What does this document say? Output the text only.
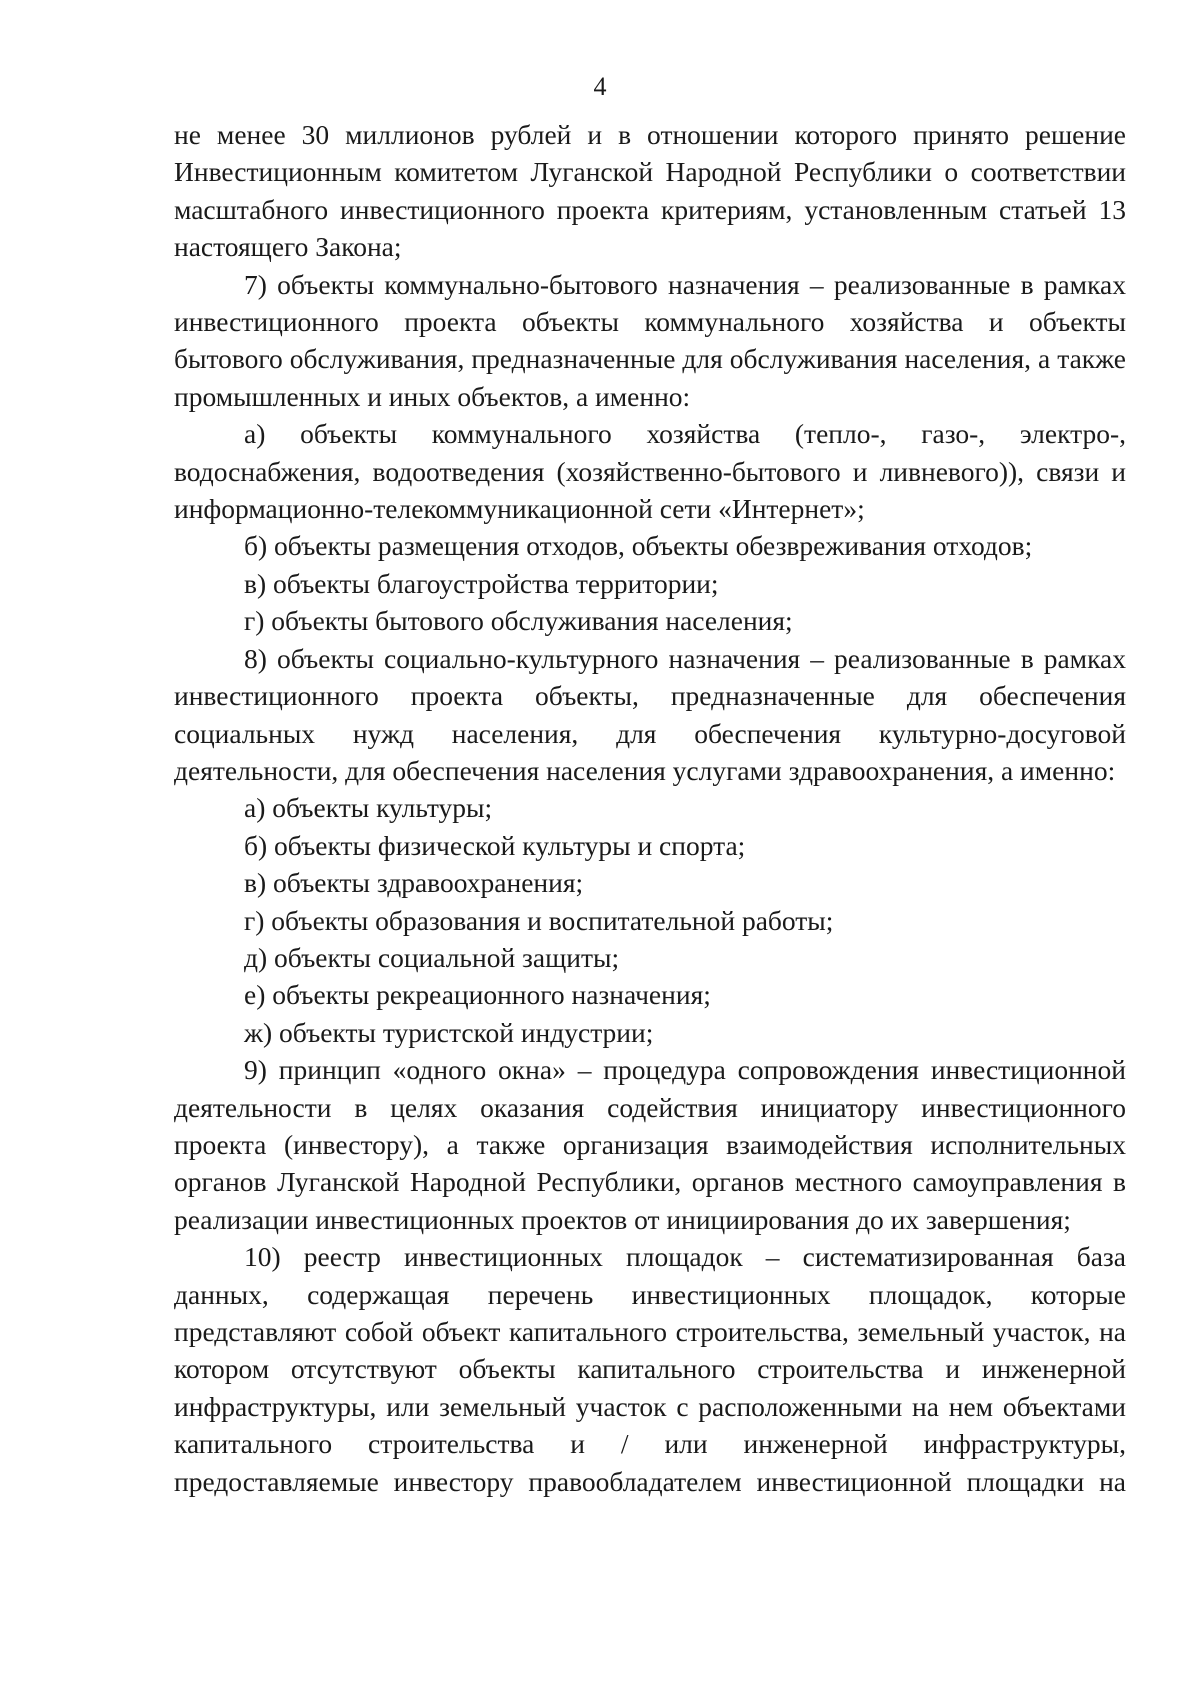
4

не менее 30 миллионов рублей и в отношении которого принято решение Инвестиционным комитетом Луганской Народной Республики о соответствии масштабного инвестиционного проекта критериям, установленным статьей 13 настоящего Закона;

7) объекты коммунально-бытового назначения – реализованные в рамках инвестиционного проекта объекты коммунального хозяйства и объекты бытового обслуживания, предназначенные для обслуживания населения, а также промышленных и иных объектов, а именно:

а) объекты коммунального хозяйства (тепло-, газо-, электро-, водоснабжения, водоотведения (хозяйственно-бытового и ливневого)), связи и информационно-телекоммуникационной сети «Интернет»;

б) объекты размещения отходов, объекты обезвреживания отходов;

в) объекты благоустройства территории;

г) объекты бытового обслуживания населения;

8) объекты социально-культурного назначения – реализованные в рамках инвестиционного проекта объекты, предназначенные для обеспечения социальных нужд населения, для обеспечения культурно-досуговой деятельности, для обеспечения населения услугами здравоохранения, а именно:

а) объекты культуры;

б) объекты физической культуры и спорта;

в) объекты здравоохранения;

г) объекты образования и воспитательной работы;

д) объекты социальной защиты;

е) объекты рекреационного назначения;

ж) объекты туристской индустрии;

9) принцип «одного окна» – процедура сопровождения инвестиционной деятельности в целях оказания содействия инициатору инвестиционного проекта (инвестору), а также организация взаимодействия исполнительных органов Луганской Народной Республики, органов местного самоуправления в реализации инвестиционных проектов от инициирования до их завершения;

10) реестр инвестиционных площадок – систематизированная база данных, содержащая перечень инвестиционных площадок, которые представляют собой объект капитального строительства, земельный участок, на котором отсутствуют объекты капитального строительства и инженерной инфраструктуры, или земельный участок с расположенными на нем объектами капитального строительства и / или инженерной инфраструктуры, предоставляемые инвестору правообладателем инвестиционной площадки на
